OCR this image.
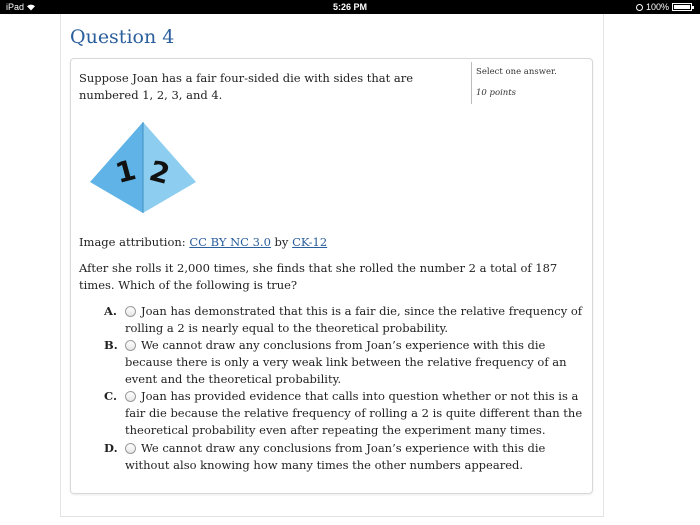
iPad	5:26 PM	100%
Question 4
Suppose Joan has a fair four-sided die with sides that are numbered 1, 2, 3, and 4.
Select one answer.
10 points
1 2
Image attribution: CC BY NC 3.0 by CK-12
After she rolls it 2,000 times, she finds that she rolled the number 2 a total of 187 times. Which of the following is true?
A.	Joan has demonstrated that this is a fair die, since the relative frequency of rolling a 2 is nearly equal to the theoretical probability.
B.	We cannot draw any conclusions from Joan’s experience with this die because there is only a very weak link between the relative frequency of an event and the theoretical probability.
C.	Joan has provided evidence that calls into question whether or not this is a fair die because the relative frequency of rolling a 2 is quite different than the theoretical probability even after repeating the experiment many times.
D.	We cannot draw any conclusions from Joan’s experience with this die without also knowing how many times the other numbers appeared.
